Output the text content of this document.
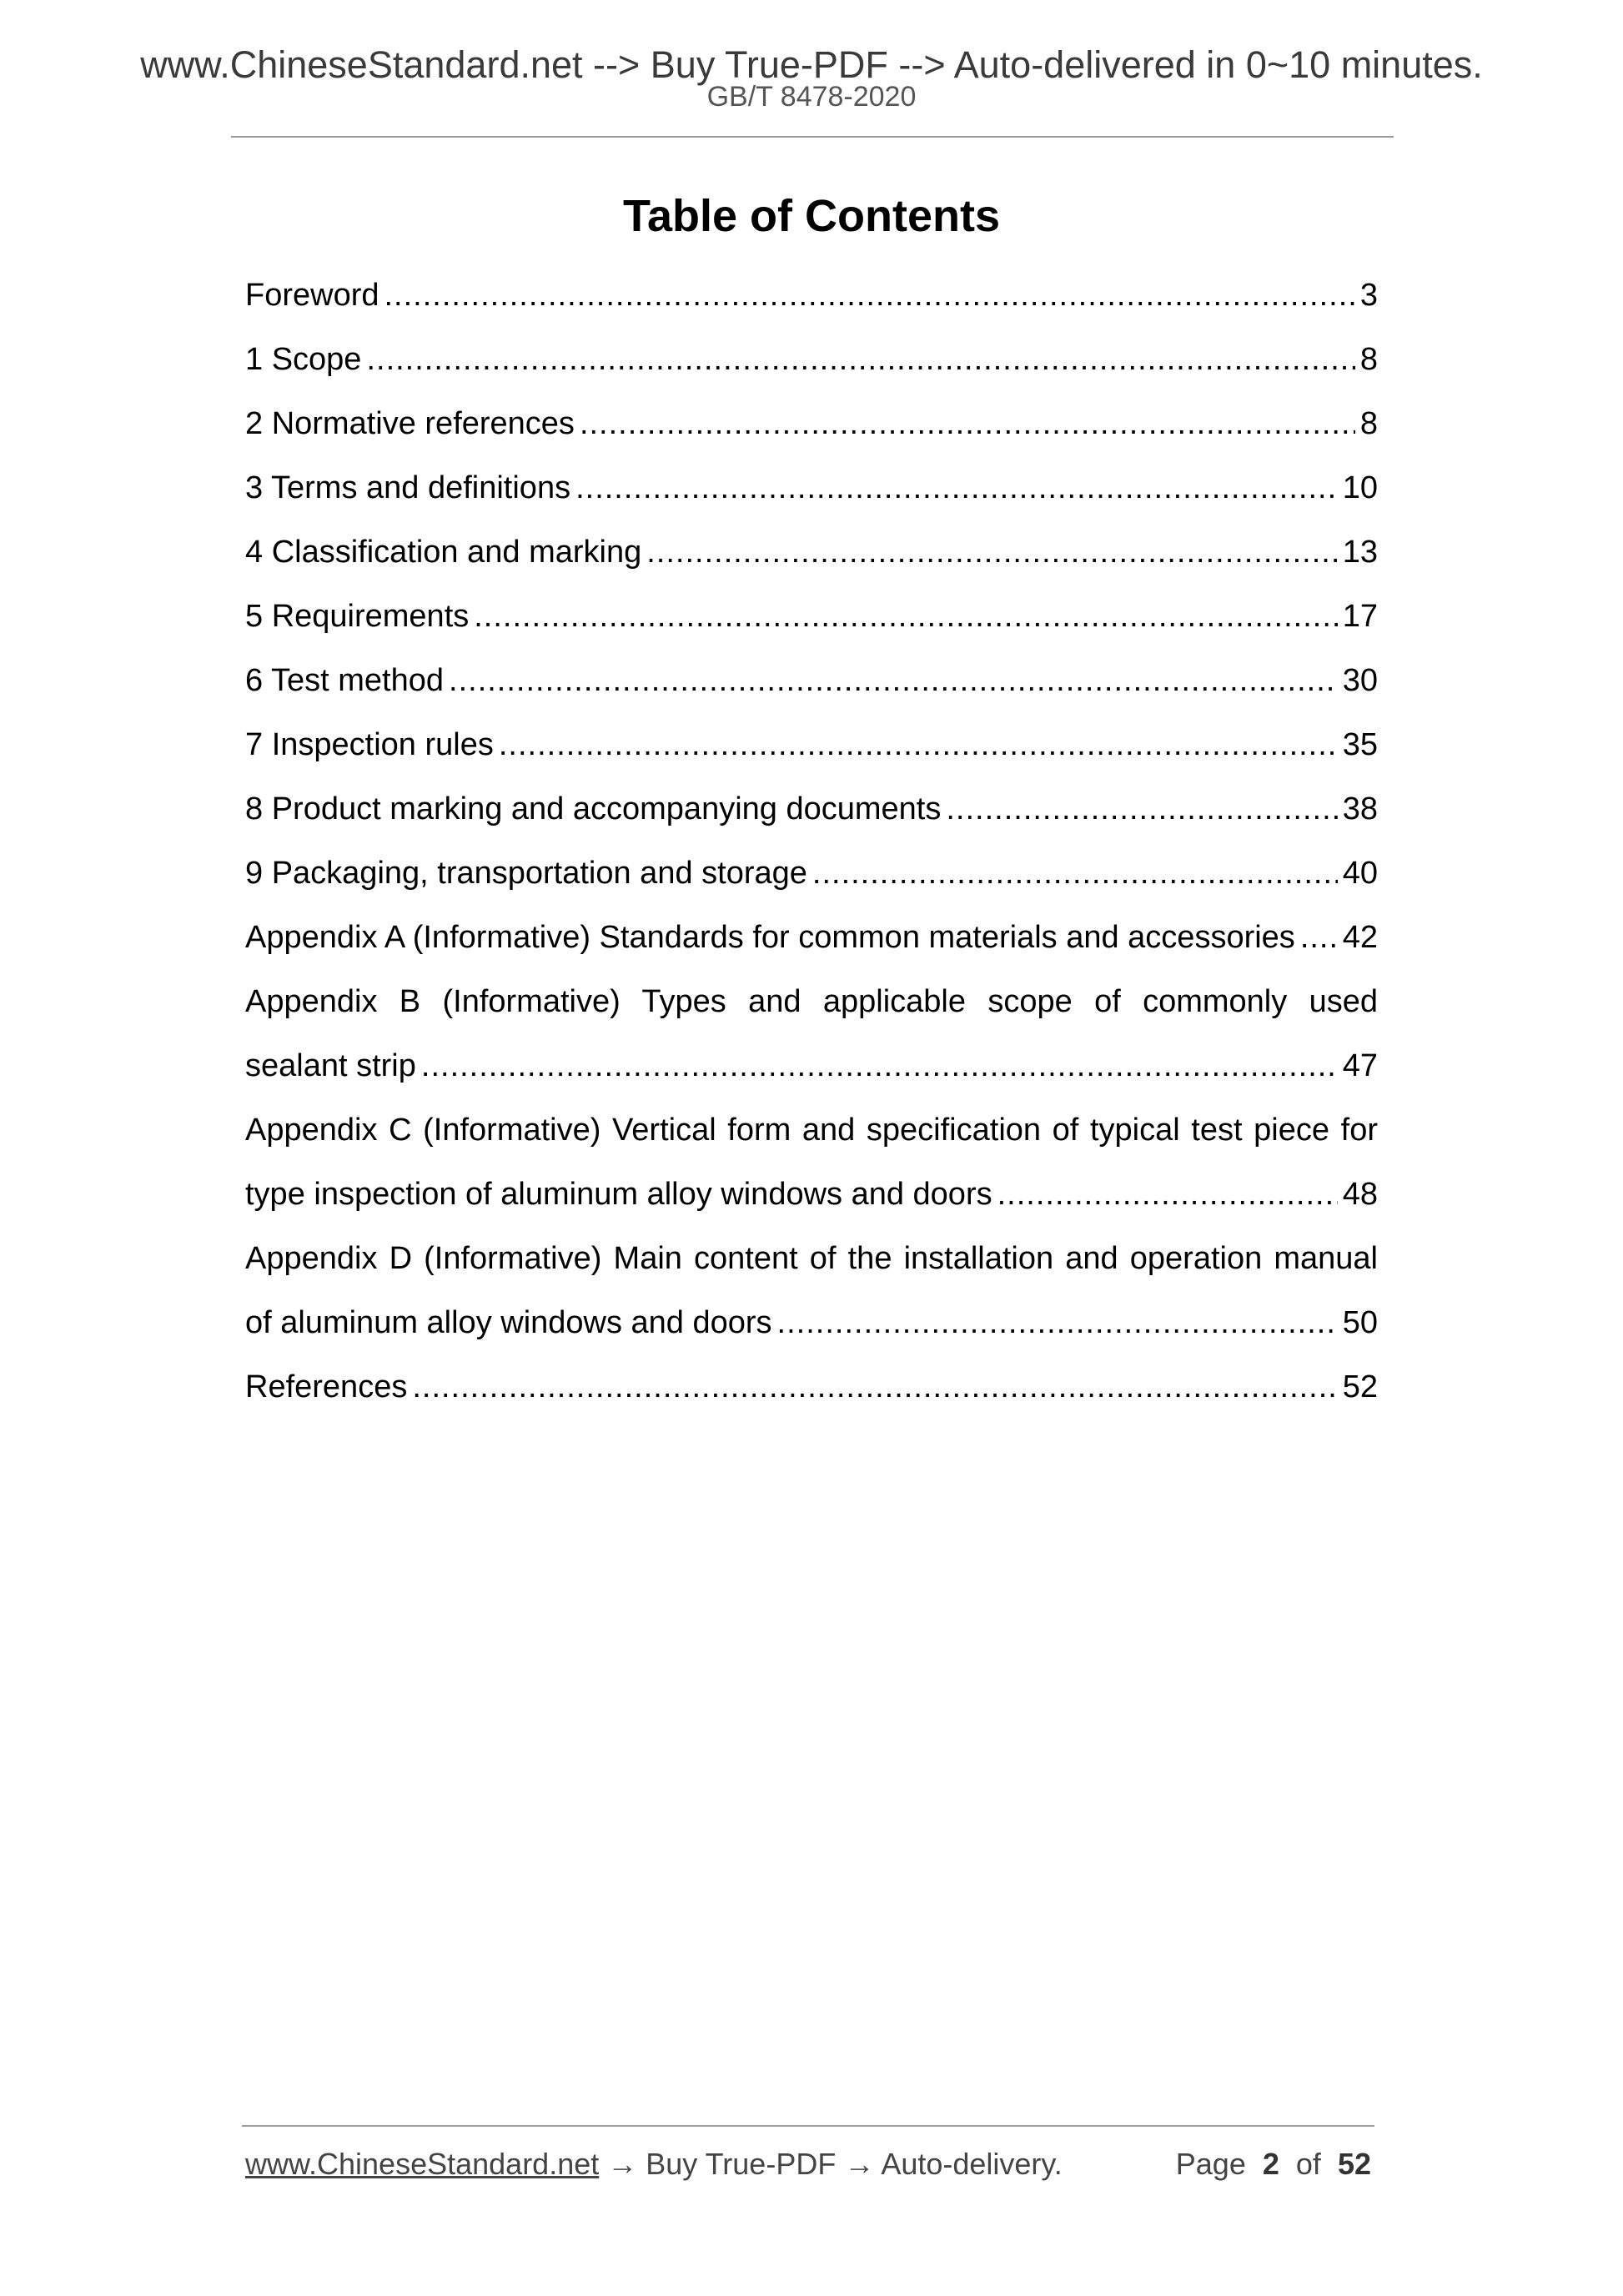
www.ChineseStandard.net --> Buy True-PDF --> Auto-delivered in 0~10 minutes.
GB/T 8478-2020
Table of Contents
Foreword .....	3
1 Scope .....	8
2 Normative references .....	8
3 Terms and definitions .....	10
4 Classification and marking .....	13
5 Requirements .....	17
6 Test method .....	30
7 Inspection rules .....	35
8 Product marking and accompanying documents .....	38
9 Packaging, transportation and storage .....	40
Appendix A (Informative) Standards for common materials and accessories ..... 42
Appendix B (Informative) Types and applicable scope of commonly used
sealant strip .....	47
Appendix C (Informative) Vertical form and specification of typical test piece for
type inspection of aluminum alloy windows and doors .....	48
Appendix D (Informative) Main content of the installation and operation manual
of aluminum alloy windows and doors .....	50
References .....	52
www.ChineseStandard.net → Buy True-PDF → Auto-delivery.	Page 2 of 52
